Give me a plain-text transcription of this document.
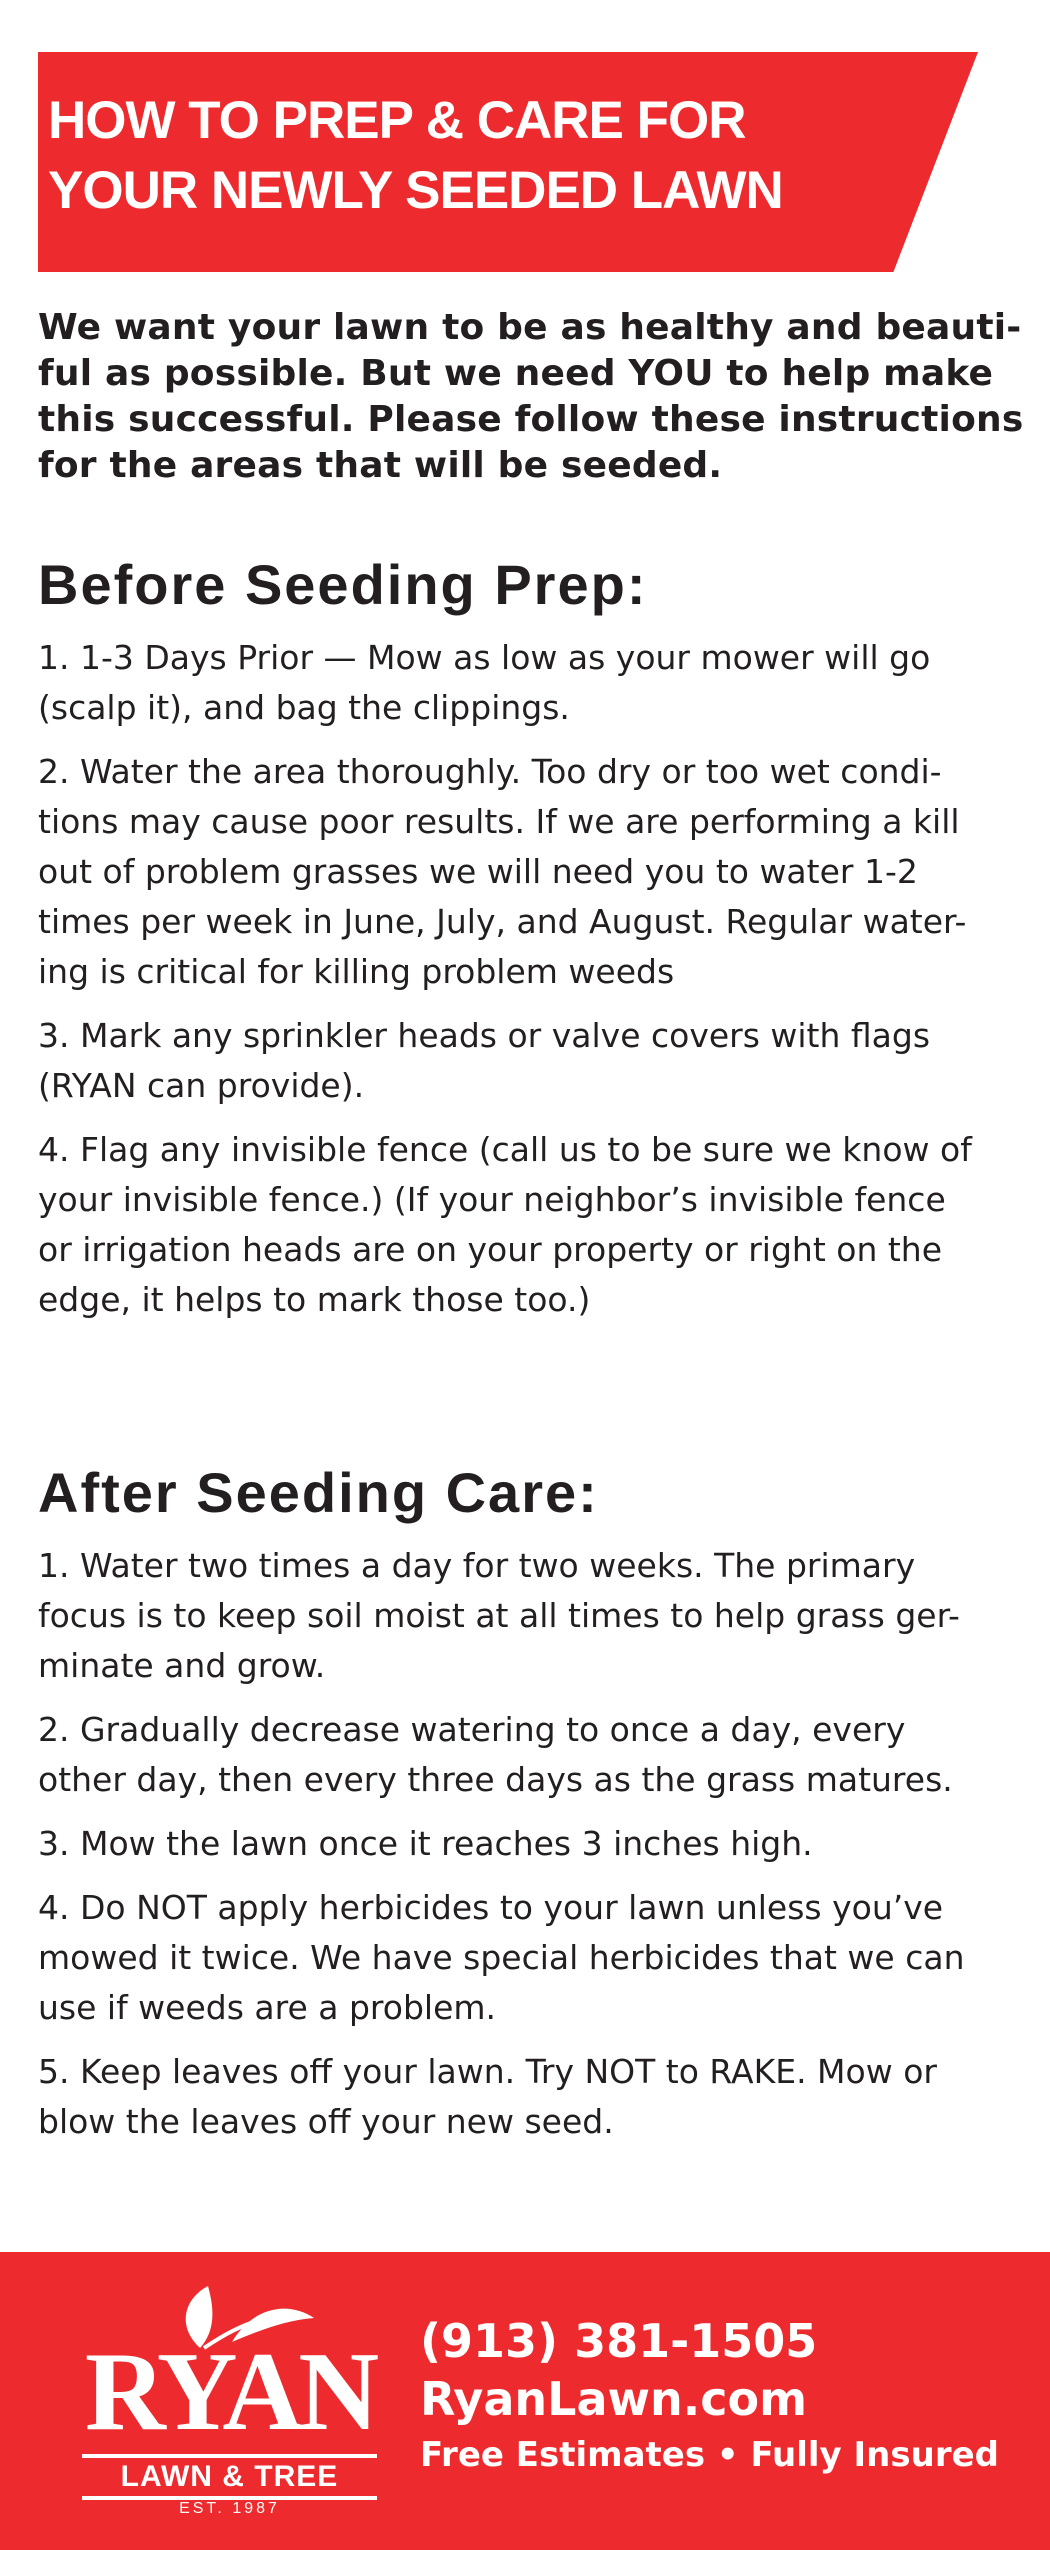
HOW TO PREP & CARE FOR
YOUR NEWLY SEEDED LAWN

We want your lawn to be as healthy and beauti-
ful as possible. But we need YOU to help make
this successful. Please follow these instructions
for the areas that will be seeded.

Before Seeding Prep:

1. 1-3 Days Prior — Mow as low as your mower will go
(scalp it), and bag the clippings.

2. Water the area thoroughly. Too dry or too wet condi-
tions may cause poor results. If we are performing a kill
out of problem grasses we will need you to water 1-2
times per week in June, July, and August. Regular water-
ing is critical for killing problem weeds

3. Mark any sprinkler heads or valve covers with flags
(RYAN can provide).

4. Flag any invisible fence (call us to be sure we know of
your invisible fence.) (If your neighbor’s invisible fence
or irrigation heads are on your property or right on the
edge, it helps to mark those too.)

After Seeding Care:

1. Water two times a day for two weeks. The primary
focus is to keep soil moist at all times to help grass ger-
minate and grow.

2. Gradually decrease watering to once a day, every
other day, then every three days as the grass matures.

3. Mow the lawn once it reaches 3 inches high.

4. Do NOT apply herbicides to your lawn unless you’ve
mowed it twice. We have special herbicides that we can
use if weeds are a problem.

5. Keep leaves off your lawn. Try NOT to RAKE. Mow or
blow the leaves off your new seed.

RYAN
LAWN & TREE
EST. 1987
(913) 381-1505
RyanLawn.com
Free Estimates • Fully Insured
